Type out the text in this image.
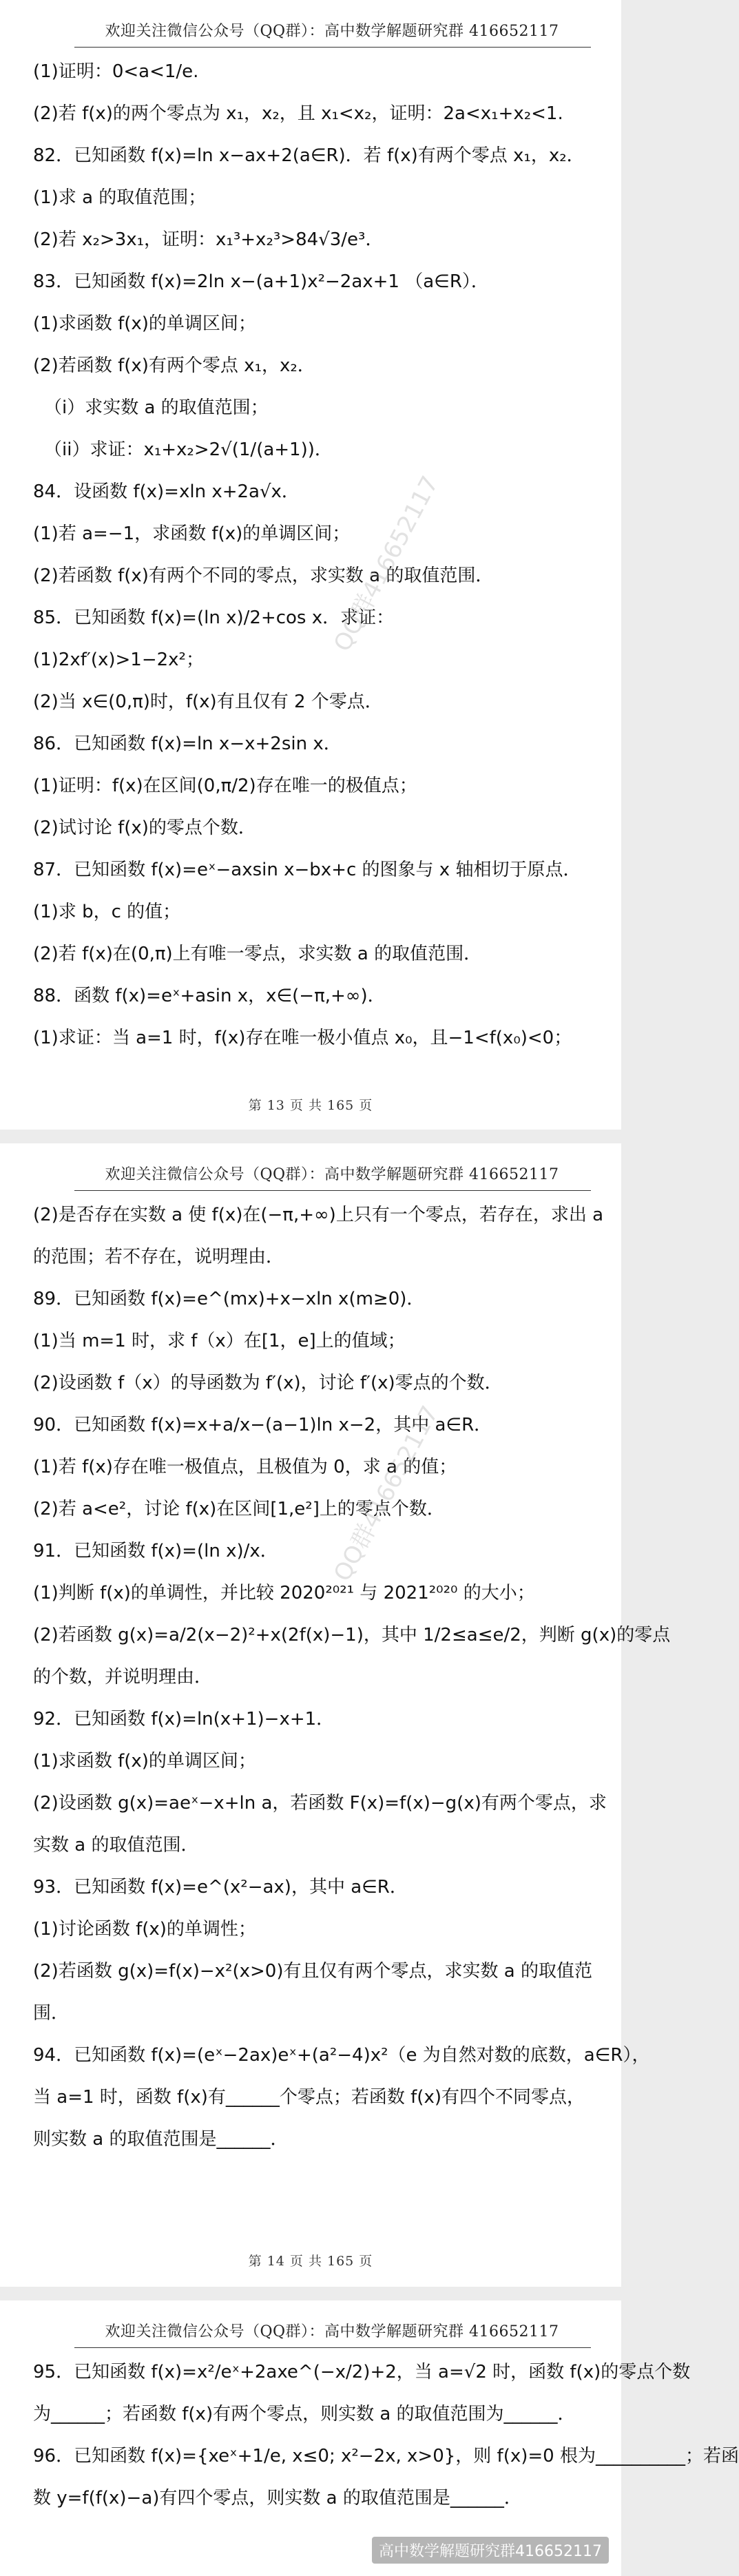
欢迎关注微信公众号（QQ群）：高中数学解题研究群 416652117
(1)证明：0<a<1/e.
(2)若 f(x)的两个零点为 x₁，x₂，且 x₁<x₂，证明：2a<x₁+x₂<1.
82．已知函数 f(x)=ln x−ax+2(a∈R)．若 f(x)有两个零点 x₁，x₂．
(1)求 a 的取值范围；
(2)若 x₂>3x₁，证明：x₁³+x₂³>84√3/e³．
83．已知函数 f(x)=2ln x−(a+1)x²−2ax+1 （a∈R）．
(1)求函数 f(x)的单调区间；
(2)若函数 f(x)有两个零点 x₁，x₂．
（i）求实数 a 的取值范围；
（ii）求证：x₁+x₂>2√(1/(a+1))．
84．设函数 f(x)=xln x+2a√x．
(1)若 a=−1，求函数 f(x)的单调区间；
(2)若函数 f(x)有两个不同的零点，求实数 a 的取值范围．
85．已知函数 f(x)=(ln x)/2+cos x．求证：
(1)2xf′(x)>1−2x²；
(2)当 x∈(0,π)时，f(x)有且仅有 2 个零点．
86．已知函数 f(x)=ln x−x+2sin x．
(1)证明：f(x)在区间(0,π/2)存在唯一的极值点；
(2)试讨论 f(x)的零点个数．
87．已知函数 f(x)=eˣ−axsin x−bx+c 的图象与 x 轴相切于原点．
(1)求 b，c 的值；
(2)若 f(x)在(0,π)上有唯一零点，求实数 a 的取值范围．
88．函数 f(x)=eˣ+asin x，x∈(−π,+∞)．
(1)求证：当 a=1 时，f(x)存在唯一极小值点 x₀，且−1<f(x₀)<0；
QQ群416652117
第 13 页 共 165 页
欢迎关注微信公众号（QQ群）：高中数学解题研究群 416652117
(2)是否存在实数 a 使 f(x)在(−π,+∞)上只有一个零点，若存在，求出 a
的范围；若不存在，说明理由．
89．已知函数 f(x)=e^(mx)+x−xln x(m≥0)．
(1)当 m=1 时，求 f（x）在[1，e]上的值域；
(2)设函数 f（x）的导函数为 f′(x)，讨论 f′(x)零点的个数．
90．已知函数 f(x)=x+a/x−(a−1)ln x−2，其中 a∈R．
(1)若 f(x)存在唯一极值点，且极值为 0，求 a 的值；
(2)若 a<e²，讨论 f(x)在区间[1,e²]上的零点个数．
91．已知函数 f(x)=(ln x)/x．
(1)判断 f(x)的单调性，并比较 2020²⁰²¹ 与 2021²⁰²⁰ 的大小；
(2)若函数 g(x)=a/2(x−2)²+x(2f(x)−1)，其中 1/2≤a≤e/2，判断 g(x)的零点
的个数，并说明理由．
92．已知函数 f(x)=ln(x+1)−x+1．
(1)求函数 f(x)的单调区间；
(2)设函数 g(x)=aeˣ−x+ln a，若函数 F(x)=f(x)−g(x)有两个零点，求
实数 a 的取值范围．
93．已知函数 f(x)=e^(x²−ax)，其中 a∈R．
(1)讨论函数 f(x)的单调性；
(2)若函数 g(x)=f(x)−x²(x>0)有且仅有两个零点，求实数 a 的取值范
围．
94．已知函数 f(x)=(eˣ−2ax)eˣ+(a²−4)x²（e 为自然对数的底数，a∈R），
当 a=1 时，函数 f(x)有______个零点；若函数 f(x)有四个不同零点，
则实数 a 的取值范围是______．
QQ群416652117
第 14 页 共 165 页
欢迎关注微信公众号（QQ群）：高中数学解题研究群 416652117
95．已知函数 f(x)=x²/eˣ+2axe^(−x/2)+2，当 a=√2 时，函数 f(x)的零点个数
为______；若函数 f(x)有两个零点，则实数 a 的取值范围为______．
96．已知函数 f(x)={xeˣ+1/e, x≤0; x²−2x, x>0}，则 f(x)=0 根为__________；若函
数 y=f(f(x)−a)有四个零点，则实数 a 的取值范围是______．
高中数学解题研究群416652117
